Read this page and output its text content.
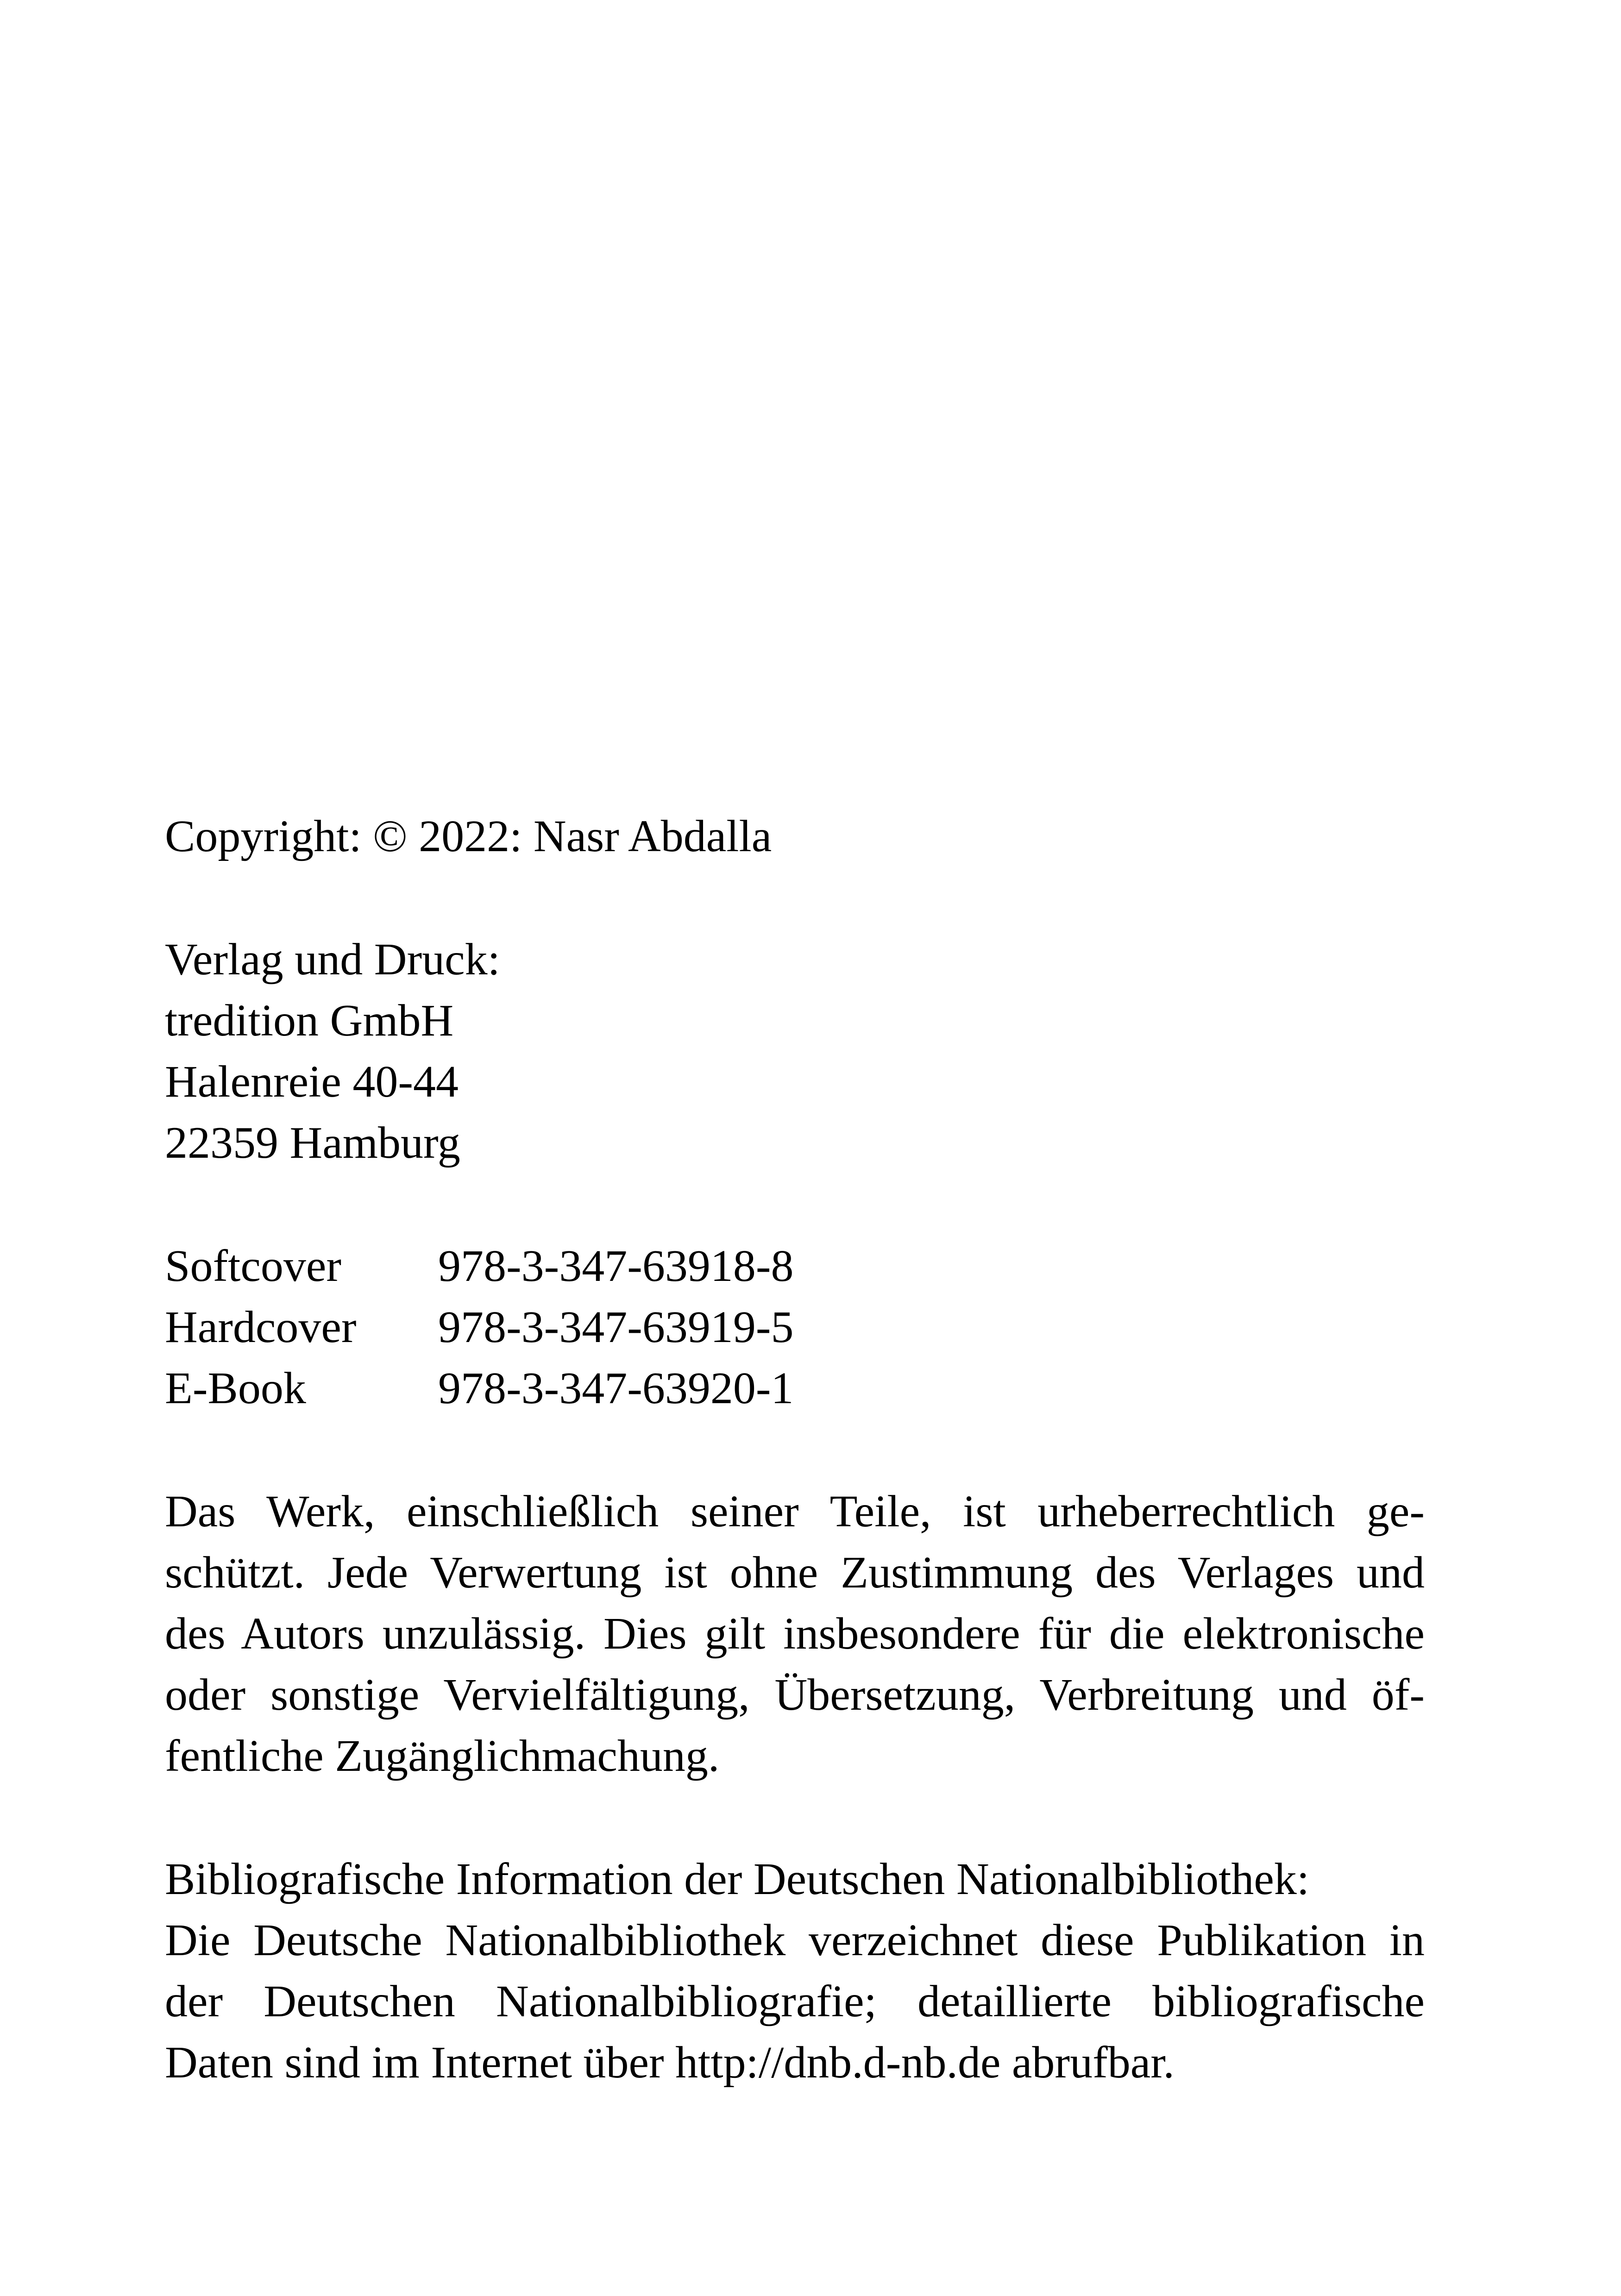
Copyright: © 2022: Nasr Abdalla
Verlag und Druck:
tredition GmbH
Halenreie 40-44
22359 Hamburg
Softcover	978-3-347-63918-8
Hardcover	978-3-347-63919-5
E-Book	978-3-347-63920-1
Das Werk, einschließlich seiner Teile, ist urheberrechtlich ge-
schützt. Jede Verwertung ist ohne Zustimmung des Verlages und
des Autors unzulässig. Dies gilt insbesondere für die elektronische
oder sonstige Vervielfältigung, Übersetzung, Verbreitung und öf-
fentliche Zugänglichmachung.
Bibliografische Information der Deutschen Nationalbibliothek:
Die Deutsche Nationalbibliothek verzeichnet diese Publikation in
der Deutschen Nationalbibliografie; detaillierte bibliografische
Daten sind im Internet über http://dnb.d-nb.de abrufbar.
